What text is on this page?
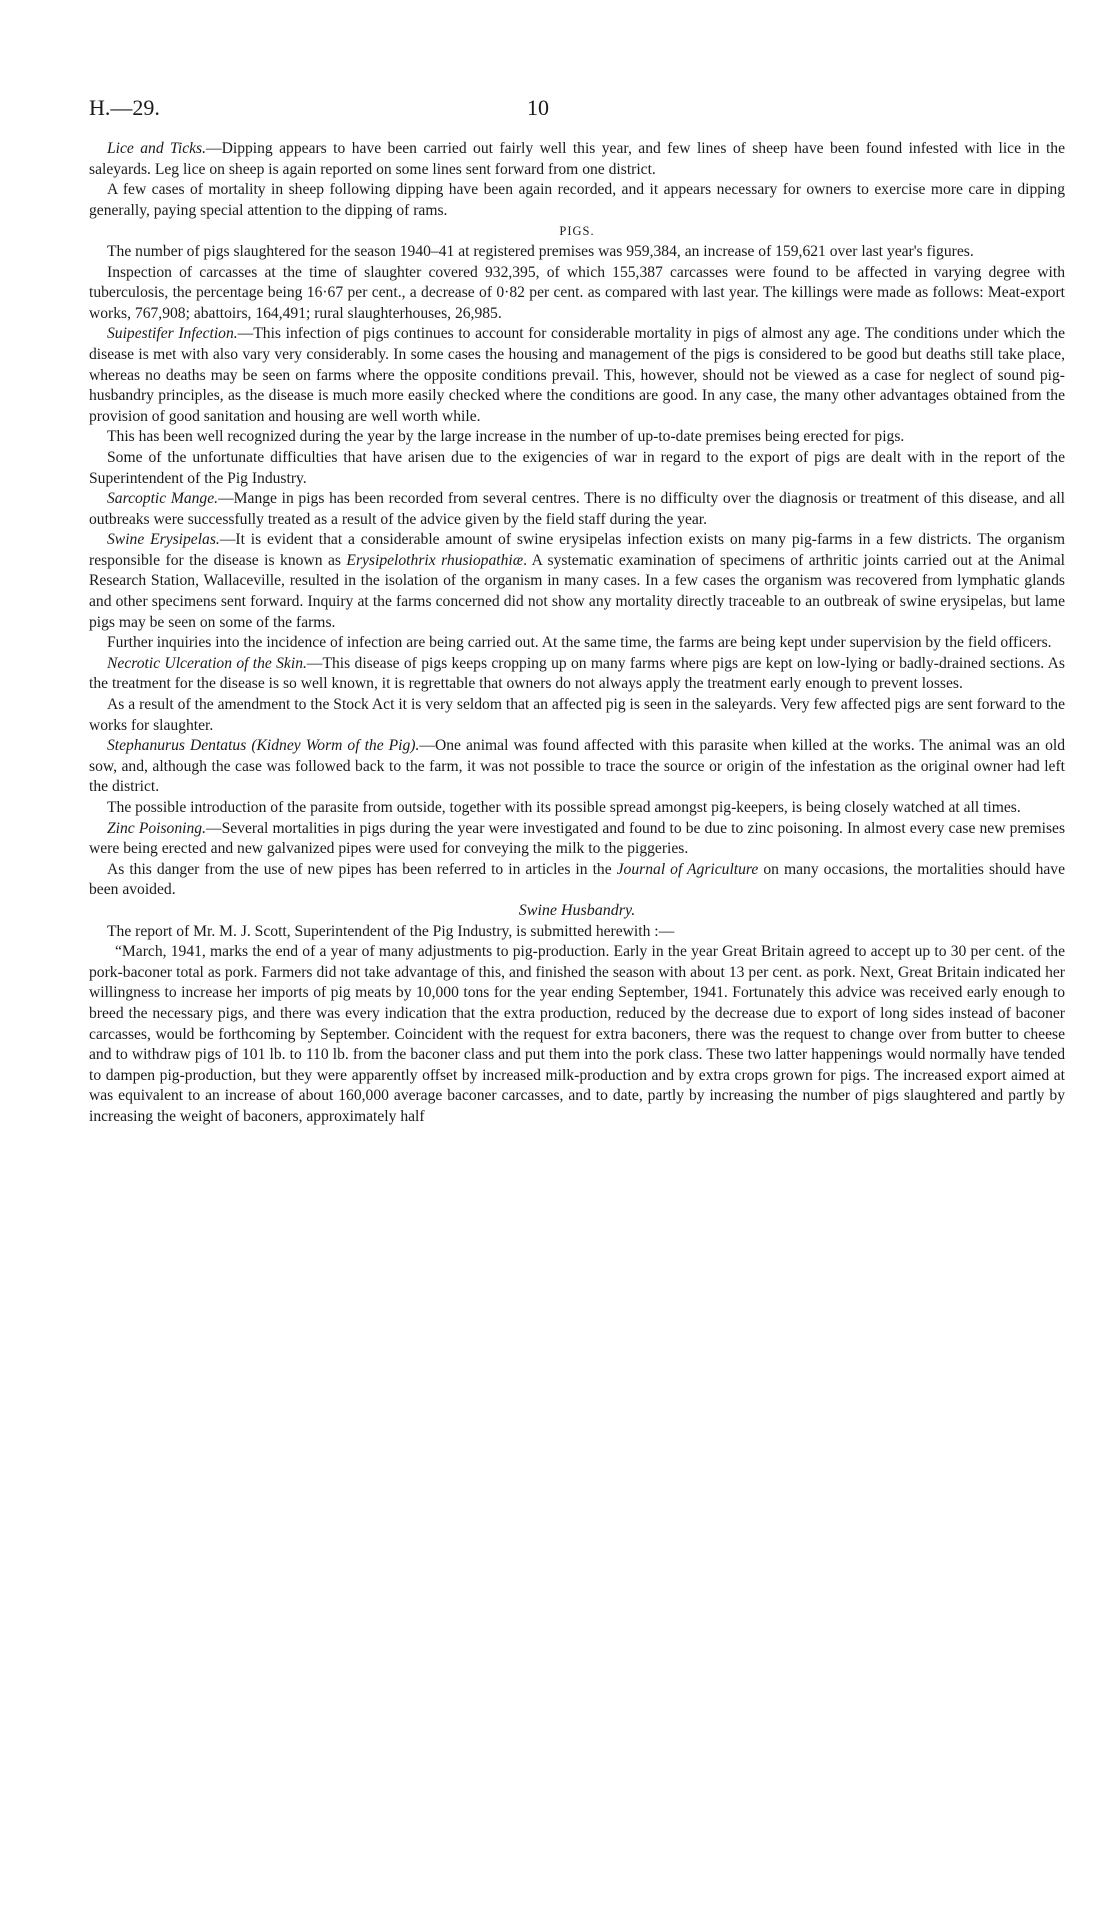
H.—29.	10

Lice and Ticks.—Dipping appears to have been carried out fairly well this year, and few lines of sheep have been found infested with lice in the saleyards. Leg lice on sheep is again reported on some lines sent forward from one district.

A few cases of mortality in sheep following dipping have been again recorded, and it appears necessary for owners to exercise more care in dipping generally, paying special attention to the dipping of rams.

PIGS.

The number of pigs slaughtered for the season 1940–41 at registered premises was 959,384, an increase of 159,621 over last year's figures.

Inspection of carcasses at the time of slaughter covered 932,395, of which 155,387 carcasses were found to be affected in varying degree with tuberculosis, the percentage being 16·67 per cent., a decrease of 0·82 per cent. as compared with last year. The killings were made as follows: Meat-export works, 767,908; abattoirs, 164,491; rural slaughterhouses, 26,985.

Suipestifer Infection.—This infection of pigs continues to account for considerable mortality in pigs of almost any age. The conditions under which the disease is met with also vary very considerably. In some cases the housing and management of the pigs is considered to be good but deaths still take place, whereas no deaths may be seen on farms where the opposite conditions prevail. This, however, should not be viewed as a case for neglect of sound pig-husbandry principles, as the disease is much more easily checked where the conditions are good. In any case, the many other advantages obtained from the provision of good sanitation and housing are well worth while.

This has been well recognized during the year by the large increase in the number of up-to-date premises being erected for pigs.

Some of the unfortunate difficulties that have arisen due to the exigencies of war in regard to the export of pigs are dealt with in the report of the Superintendent of the Pig Industry.

Sarcoptic Mange.—Mange in pigs has been recorded from several centres. There is no difficulty over the diagnosis or treatment of this disease, and all outbreaks were successfully treated as a result of the advice given by the field staff during the year.

Swine Erysipelas.—It is evident that a considerable amount of swine erysipelas infection exists on many pig-farms in a few districts. The organism responsible for the disease is known as Erysipelothrix rhusiopathiæ. A systematic examination of specimens of arthritic joints carried out at the Animal Research Station, Wallaceville, resulted in the isolation of the organism in many cases. In a few cases the organism was recovered from lymphatic glands and other specimens sent forward. Inquiry at the farms concerned did not show any mortality directly traceable to an outbreak of swine erysipelas, but lame pigs may be seen on some of the farms.

Further inquiries into the incidence of infection are being carried out. At the same time, the farms are being kept under supervision by the field officers.

Necrotic Ulceration of the Skin.—This disease of pigs keeps cropping up on many farms where pigs are kept on low-lying or badly-drained sections. As the treatment for the disease is so well known, it is regrettable that owners do not always apply the treatment early enough to prevent losses.

As a result of the amendment to the Stock Act it is very seldom that an affected pig is seen in the saleyards. Very few affected pigs are sent forward to the works for slaughter.

Stephanurus Dentatus (Kidney Worm of the Pig).—One animal was found affected with this parasite when killed at the works. The animal was an old sow, and, although the case was followed back to the farm, it was not possible to trace the source or origin of the infestation as the original owner had left the district.

The possible introduction of the parasite from outside, together with its possible spread amongst pig-keepers, is being closely watched at all times.

Zinc Poisoning.—Several mortalities in pigs during the year were investigated and found to be due to zinc poisoning. In almost every case new premises were being erected and new galvanized pipes were used for conveying the milk to the piggeries.

As this danger from the use of new pipes has been referred to in articles in the Journal of Agriculture on many occasions, the mortalities should have been avoided.

Swine Husbandry.

The report of Mr. M. J. Scott, Superintendent of the Pig Industry, is submitted herewith :—

“March, 1941, marks the end of a year of many adjustments to pig-production. Early in the year Great Britain agreed to accept up to 30 per cent. of the pork-baconer total as pork. Farmers did not take advantage of this, and finished the season with about 13 per cent. as pork. Next, Great Britain indicated her willingness to increase her imports of pig meats by 10,000 tons for the year ending September, 1941. Fortunately this advice was received early enough to breed the necessary pigs, and there was every indication that the extra production, reduced by the decrease due to export of long sides instead of baconer carcasses, would be forthcoming by September. Coincident with the request for extra baconers, there was the request to change over from butter to cheese and to withdraw pigs of 101 lb. to 110 lb. from the baconer class and put them into the pork class. These two latter happenings would normally have tended to dampen pig-production, but they were apparently offset by increased milk-production and by extra crops grown for pigs. The increased export aimed at was equivalent to an increase of about 160,000 average baconer carcasses, and to date, partly by increasing the number of pigs slaughtered and partly by increasing the weight of baconers, approximately half
